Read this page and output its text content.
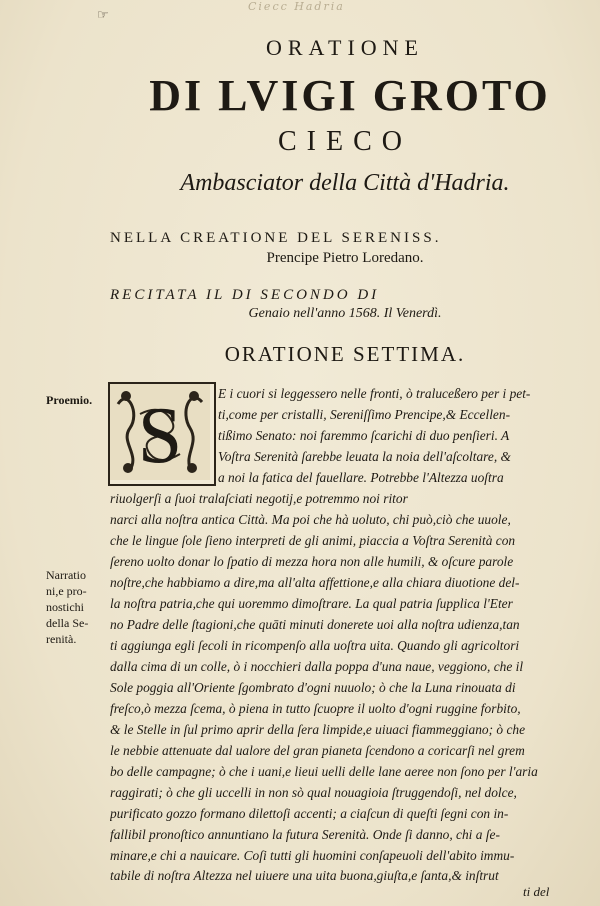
Ciecc Hadria
☞
ORATIONE
DI LVIGI GROTO
CIECO
Ambasciator della Città d'Hadria.
NELLA CREATIONE DEL SERENISS.
Prencipe Pietro Loredano.
RECITATA IL DI SECONDO DI
Genaio nell'anno 1568. Il Venerdì.
ORATIONE SETTIMA.
Proemio.
Narratio
ni,e pro-
nostichi
della Se-
renità.
S	E i cuori si leggessero nelle fronti, ò traluceßero per i pet-
ti,come per cristalli, Sereniſſimo Prencipe,& Eccellen-
tißimo Senato: noi faremmo ſcarichi di duo penſieri. A
Voſtra Serenità ſarebbe leuata la noia dell'aſcoltare, &
a noi la fatica del fauellare. Potrebbe l'Altezza uoſtra
riuolgerſi a ſuoi tralaſciati negotij,e potremmo noi ritor
narci alla noſtra antica Città. Ma poi che hà uoluto, chi può,ciò che uuole,
che le lingue ſole ſieno interpreti de gli animi, piaccia a Voſtra Serenità con
ſereno uolto donar lo ſpatio di mezza hora non alle humili, & oſcure parole
noſtre,che habbiamo a dire,ma all'alta affettione,e alla chiara diuotione del-
la noſtra patria,che qui uoremmo dimoſtrare. La qual patria ſupplica l'Eter
no Padre delle ſtagioni,che quāti minuti donerete uoi alla noſtra udienza,tan
ti aggiunga egli ſecoli in ricompenſo alla uoſtra uita. Quando gli agricoltori
dalla cima di un colle, ò i nocchieri dalla poppa d'una naue, veggiono, che il
Sole poggia all'Oriente ſgombrato d'ogni nuuolo; ò che la Luna rinouata di
freſco,ò mezza ſcema, ò piena in tutto ſcuopre il uolto d'ogni ruggine forbito,
& le Stelle in ſul primo aprir della ſera limpide,e uiuaci fiammeggiano; ò che
le nebbie attenuate dal ualore del gran pianeta ſcendono a coricarſi nel grem
bo delle campagne; ò che i uani,e lieui uelli delle lane aeree non ſono per l'aria
raggirati; ò che gli uccelli in non sò qual nouagioia ſtruggendoſi, nel dolce,
purificato gozzo formano dilettoſi accenti; a ciaſcun di queſti ſegni con in-
fallibil pronoſtico annuntiano la futura Serenità. Onde ſi danno, chi a ſe-
minare,e chi a nauicare. Coſi tutti gli huomini conſapeuoli dell'abito immu-
tabile di noſtra Altezza nel uiuere una uita buona,giuſta,e ſanta,& inſtrut
ti del
